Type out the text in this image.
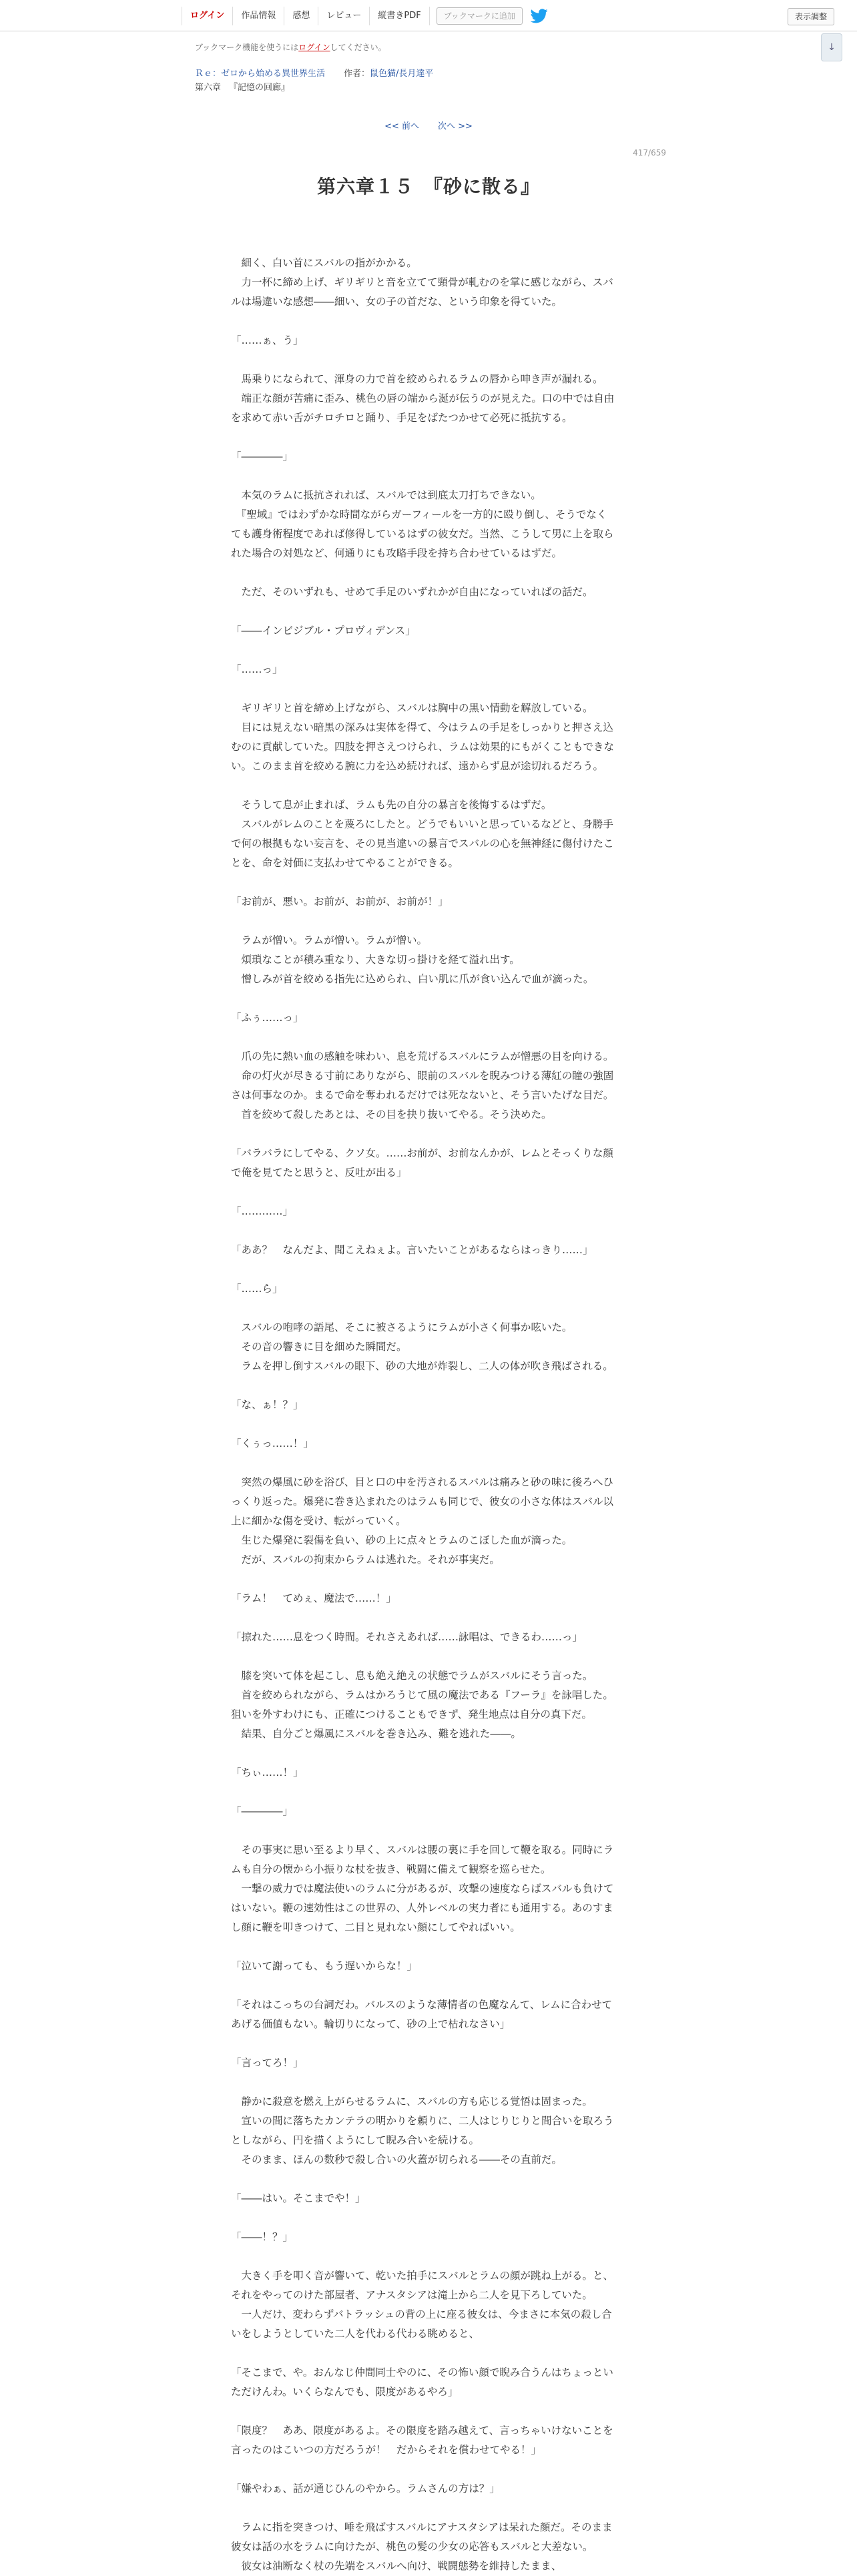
ログイン	作品情報	感想	レビュー	縦書きPDF	ブックマークに追加	表示調整
↓
ブックマーク機能を使うにはログインしてください。
Ｒｅ：ゼロから始める異世界生活 作者：鼠色猫/長月達平
第六章 『記憶の回廊』
<< 前へ 次へ >>
417/659
第六章１５　『砂に散る』

　細く、白い首にスバルの指がかかる。

　力一杯に締め上げ、ギリギリと音を立てて頸骨が軋むのを掌に感じながら、スバ

ルは場違いな感想――細い、女の子の首だな、という印象を得ていた。

「……ぁ、う」

　馬乗りになられて、渾身の力で首を絞められるラムの唇から呻き声が漏れる。

　端正な顔が苦痛に歪み、桃色の唇の端から涎が伝うのが見えた。口の中では自由

を求めて赤い舌がチロチロと踊り、手足をばたつかせて必死に抵抗する。

「――――」

　本気のラムに抵抗されれば、スバルでは到底太刀打ちできない。

　『聖域』ではわずかな時間ながらガーフィールを一方的に殴り倒し、そうでなく

ても護身術程度であれば修得しているはずの彼女だ。当然、こうして男に上を取ら

れた場合の対処など、何通りにも攻略手段を持ち合わせているはずだ。

　ただ、そのいずれも、せめて手足のいずれかが自由になっていればの話だ。

「――インビジブル・プロヴィデンス」

「……っ」

　ギリギリと首を締め上げながら、スバルは胸中の黒い情動を解放している。

　目には見えない暗黒の深みは実体を得て、今はラムの手足をしっかりと押さえ込

むのに貢献していた。四肢を押さえつけられ、ラムは効果的にもがくこともできな

い。このまま首を絞める腕に力を込め続ければ、遠からず息が途切れるだろう。

　そうして息が止まれば、ラムも先の自分の暴言を後悔するはずだ。

　スバルがレムのことを蔑ろにしたと。どうでもいいと思っているなどと、身勝手

で何の根拠もない妄言を、その見当違いの暴言でスバルの心を無神経に傷付けたこ

とを、命を対価に支払わせてやることができる。

「お前が、悪い。お前が、お前が、お前が！」

　ラムが憎い。ラムが憎い。ラムが憎い。

　煩瑣なことが積み重なり、大きな切っ掛けを経て溢れ出す。

　憎しみが首を絞める指先に込められ、白い肌に爪が食い込んで血が滴った。

「ふぅ……っ」

　爪の先に熱い血の感触を味わい、息を荒げるスバルにラムが憎悪の目を向ける。

　命の灯火が尽きる寸前にありながら、眼前のスバルを睨みつける薄紅の瞳の強固

さは何事なのか。まるで命を奪われるだけでは死なないと、そう言いたげな目だ。

　首を絞めて殺したあとは、その目を抉り抜いてやる。そう決めた。

「バラバラにしてやる、クソ女。……お前が、お前なんかが、レムとそっくりな顔

で俺を見てたと思うと、反吐が出る」

「…………」

「ああ？　なんだよ、聞こえねぇよ。言いたいことがあるならはっきり……」

「……ら」

　スバルの咆哮の語尾、そこに被さるようにラムが小さく何事か呟いた。

　その音の響きに目を細めた瞬間だ。

　ラムを押し倒すスバルの眼下、砂の大地が炸裂し、二人の体が吹き飛ばされる。

「な、ぁ！？」

「くぅっ……！」

　突然の爆風に砂を浴び、目と口の中を汚されるスバルは痛みと砂の味に後ろへひ

っくり返った。爆発に巻き込まれたのはラムも同じで、彼女の小さな体はスバル以

上に細かな傷を受け、転がっていく。

　生じた爆発に裂傷を負い、砂の上に点々とラムのこぼした血が滴った。

　だが、スバルの拘束からラムは逃れた。それが事実だ。

「ラム！　てめぇ、魔法で……！」

「掠れた……息をつく時間。それさえあれば……詠唱は、できるわ……っ」

　膝を突いて体を起こし、息も絶え絶えの状態でラムがスバルにそう言った。

　首を絞められながら、ラムはかろうじて風の魔法である『フーラ』を詠唱した。

狙いを外すわけにも、正確につけることもできず、発生地点は自分の真下だ。

　結果、自分ごと爆風にスバルを巻き込み、難を逃れた――。

「ちぃ……！」

「――――」

　その事実に思い至るより早く、スバルは腰の裏に手を回して鞭を取る。同時にラ

ムも自分の懐から小振りな杖を抜き、戦闘に備えて観察を巡らせた。

　一撃の威力では魔法使いのラムに分があるが、攻撃の速度ならばスバルも負けて

はいない。鞭の速効性はこの世界の、人外レベルの実力者にも通用する。あのすま

し顔に鞭を叩きつけて、二目と見れない顔にしてやればいい。

「泣いて謝っても、もう遅いからな！」

「それはこっちの台詞だわ。バルスのような薄情者の色魔なんて、レムに合わせて

あげる価値もない。輪切りになって、砂の上で枯れなさい」

「言ってろ！」

　静かに殺意を燃え上がらせるラムに、スバルの方も応じる覚悟は固まった。

　宣いの間に落ちたカンテラの明かりを頼りに、二人はじりじりと間合いを取ろう

としながら、円を描くようにして睨み合いを続ける。

　そのまま、ほんの数秒で殺し合いの火蓋が切られる――その直前だ。

「――はい。そこまでや！」

「――！？」

　大きく手を叩く音が響いて、乾いた拍手にスバルとラムの顔が跳ね上がる。と、

それをやってのけた部屋者、アナスタシアは滝上から二人を見下ろしていた。

　一人だけ、変わらずバトラッシュの背の上に座る彼女は、今まさに本気の殺し合

いをしようとしていた二人を代わる代わる眺めると、

「そこまで、や。おんなじ仲間同士やのに、その怖い顔で睨み合うんはちょっとい

ただけんわ。いくらなんでも、限度があるやろ」

「限度？　ああ、限度があるよ。その限度を踏み越えて、言っちゃいけないことを

言ったのはこいつの方だろうが！　だからそれを償わせてやる！」

「嫌やわぁ、話が通じひんのやから。ラムさんの方は？」

　ラムに指を突きつけ、唾を飛ばすスバルにアナスタシアは呆れた顔だ。そのまま

彼女は話の水をラムに向けたが、桃色の髪の少女の応答もスバルと大差ない。

　彼女は油断なく杖の先端をスバルへ向け、戦闘態勢を維持したまま、
